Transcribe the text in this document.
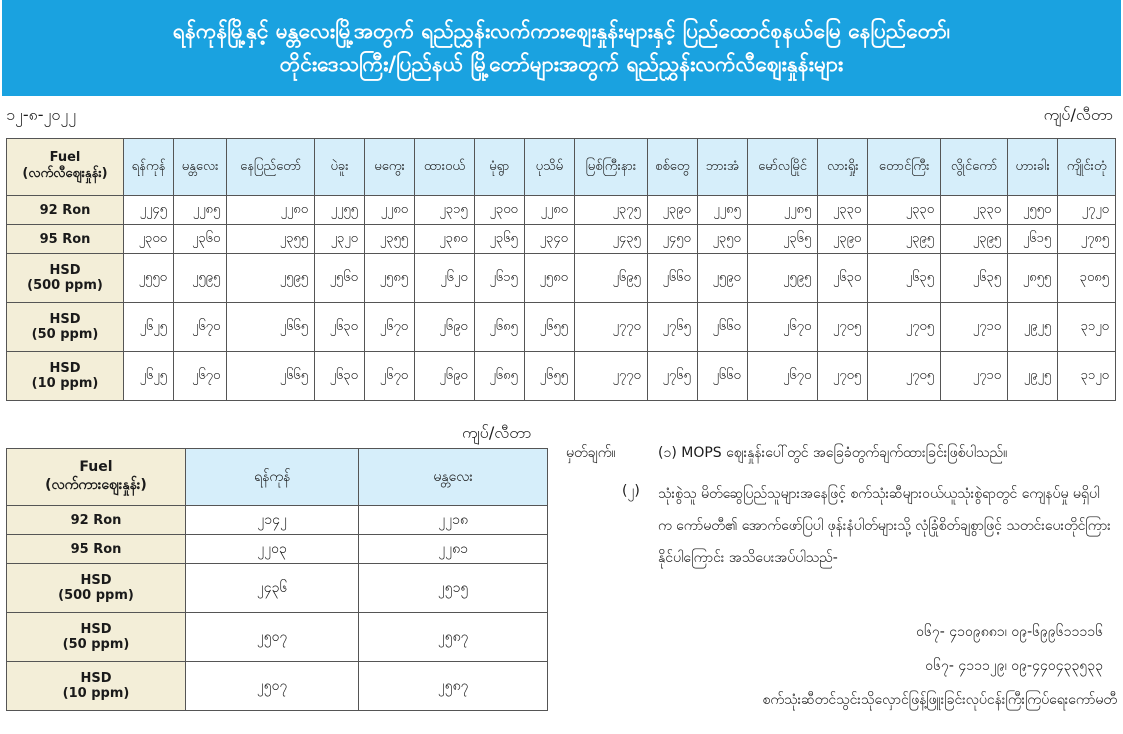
ရန်ကုန်မြို့နှင့် မန္တလေးမြို့အတွက် ရည်ညွှန်းလက်ကားဈေးနှုန်းများနှင့် ပြည်ထောင်စုနယ်မြေ နေပြည်တော်၊
တိုင်းဒေသကြီး/ပြည်နယ် မြို့တော်များအတွက် ရည်ညွှန်းလက်လီဈေးနှုန်းများ
၁၂-၈-၂၀၂၂	ကျပ်/လီတာ
Fuel
(လက်လီဈေးနှုန်း)	ရန်ကုန်	မန္တလေး	နေပြည်တော်	ပဲခူး	မကွေး	ထားဝယ်	မုံရွာ	ပုသိမ်	မြစ်ကြီးနား	စစ်တွေ	ဘားအံ	မော်လမြိုင်	လားရှိုး	တောင်ကြီး	လွိုင်ကော်	ဟားခါး	ကျိုင်းတုံ

92 Ron	၂၂၄၅	၂၂၈၅	၂၂၈၀	၂၂၅၅	၂၂၈၀	၂၃၁၅	၂၃၀၀	၂၂၈၀	၂၃၇၅	၂၃၉၀	၂၂၈၅	၂၂၈၅	၂၃၃၀	၂၃၃၀	၂၃၃၀	၂၅၅၀	၂၇၂၀

95 Ron	၂၃၀၀	၂၃၆၀	၂၃၅၅	၂၃၂၀	၂၃၅၅	၂၃၈၀	၂၃၆၅	၂၃၄၀	၂၄၃၅	၂၄၅၀	၂၃၅၀	၂၃၆၅	၂၃၉၀	၂၃၉၅	၂၃၉၅	၂၆၁၅	၂၇၈၅

HSD
(500 ppm)	၂၅၅၀	၂၅၉၅	၂၅၉၅	၂၅၆၀	၂၅၈၅	၂၆၂၀	၂၆၁၅	၂၅၈၀	၂၆၉၅	၂၆၆၀	၂၅၉၀	၂၅၉၅	၂၆၃၀	၂၆၃၅	၂၆၃၅	၂၈၅၅	၃၀၈၅

HSD
(50 ppm)	၂၆၂၅	၂၆၇၀	၂၆၆၅	၂၆၃၀	၂၆၇၀	၂၆၉၀	၂၆၈၅	၂၆၅၅	၂၇၇၀	၂၇၆၅	၂၆၆၀	၂၆၇၀	၂၇၀၅	၂၇၀၅	၂၇၁၀	၂၉၂၅	၃၁၂၀

HSD
(10 ppm)	၂၆၂၅	၂၆၇၀	၂၆၆၅	၂၆၃၀	၂၆၇၀	၂၆၉၀	၂၆၈၅	၂၆၅၅	၂၇၇၀	၂၇၆၅	၂၆၆၀	၂၆၇၀	၂၇၀၅	၂၇၀၅	၂၇၁၀	၂၉၂၅	၃၁၂၀
ကျပ်/လီတာ
Fuel
(လက်ကားဈေးနှုန်း)	ရန်ကုန်	မန္တလေး

92 Ron	၂၁၄၂	၂၂၁၈

95 Ron	၂၂၀၃	၂၂၈၁

HSD
(500 ppm)	၂၄၃၆	၂၅၁၅

HSD
(50 ppm)	၂၅၀၇	၂၅၈၇

HSD
(10 ppm)	၂၅၀၇	၂၅၈၇
မှတ်ချက်။	(၁) MOPS ဈေးနှုန်းပေါ်တွင် အခြေခံတွက်ချက်ထားခြင်းဖြစ်ပါသည်။
(၂)	သုံးစွဲသူ မိတ်ဆွေပြည်သူများအနေဖြင့် စက်သုံးဆီများဝယ်ယူသုံးစွဲရာတွင် ကျေနပ်မှု မရှိပါက ကော်မတီ၏ အောက်ဖော်ပြပါ ဖုန်းနံပါတ်များသို့ လုံခြုံစိတ်ချစွာဖြင့် သတင်းပေးတိုင်ကြားနိုင်ပါကြောင်း အသိပေးအပ်ပါသည်-
၀၆၇- ၄၁၀၉၈၈၁၊ ၀၉-၆၉၉၆၁၁၁၁၆
၀၆၇- ၄၁၁၁၂၉၊ ၀၉-၄၄၀၄၃၃၅၃၃
စက်သုံးဆီတင်သွင်းသိုလှောင်ဖြန့်ဖြူးခြင်းလုပ်ငန်းကြီးကြပ်ရေးကော်မတီ
